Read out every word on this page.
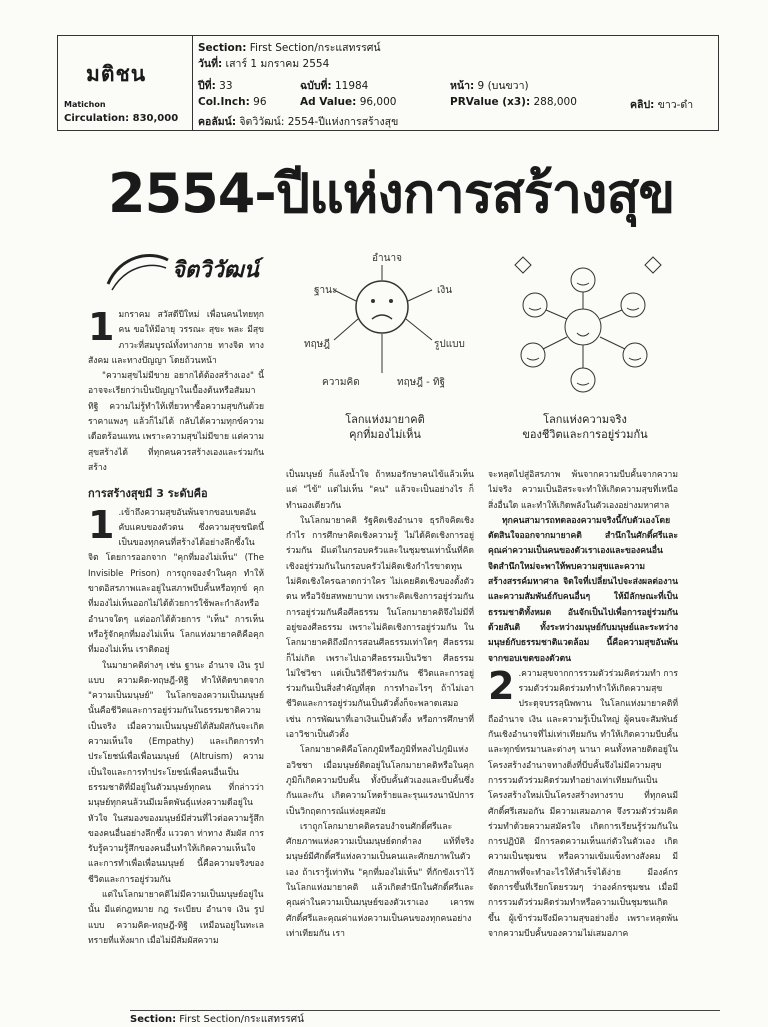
มติชน
Matichon
Circulation: 830,000
Section: First Section/กระแสทรรศน์
วันที่: เสาร์ 1 มกราคม 2554
ปีที่: 33	ฉบับที่: 11984	หน้า: 9 (บนขวา)
Col.Inch: 96	Ad Value: 96,000	PRValue (x3): 288,000	คลิป: ขาว-ดำ
คอลัมน์: จิตวิวัฒน์: 2554-ปีแห่งการสร้างสุข
2554-ปีแห่งการสร้างสุข
จิตวิวัฒน์	อำนาจ
ฐานะ	เงิน
ทฤษฎี	รูปแบบ
ความคิด	ทฤษฎี - ทิฐิ
โลกแห่งมายาคติ
คุกที่มองไม่เห็น
โลกแห่งความจริง
ของชีวิตและการอยู่ร่วมกัน

1 มกราคม สวัสดีปีใหม่ เพื่อนคนไทยทุกคน ขอให้มีอายุ วรรณะ สุขะ พละ มีสุขภาวะที่สมบูรณ์ทั้งทางกาย ทางจิต ทางสังคม และทางปัญญา โดยถ้วนหน้า

"ความสุขไม่มีขาย อยากได้ต้องสร้างเอง" นี้อาจจะเรียกว่าเป็นปัญญาในเบื้องต้นหรือสัมมาทิฐิ ความไม่รู้ทำให้เที่ยวหาซื้อความสุขกันด้วยราคาแพงๆ แล้วก็ไม่ได้ กลับได้ความทุกข์ความเดือดร้อนแทน เพราะความสุขไม่มีขาย แต่ความสุขสร้างได้ ที่ทุกคนควรสร้างเองและร่วมกันสร้าง

การสร้างสุขมี 3 ระดับคือ

1 .เข้าถึงความสุขอันพ้นจากขอบเขตอันคับแคบของตัวตน ซึ่งความสุขชนิดนี้เป็นของทุกคนที่สร้างได้อย่างลึกซึ้งในจิต โดยการออกจาก "คุกที่มองไม่เห็น" (The Invisible Prison) การถูกจองจำในคุก ทำให้ขาดอิสรภาพและอยู่ในสภาพบีบคั้นหรือทุกข์ คุกที่มองไม่เห็นออกไม่ได้ด้วยการใช้พละกำลังหรืออำนาจใดๆ แต่ออกได้ด้วยการ "เห็น" การเห็นหรือรู้จักคุกที่มองไม่เห็น โลกแห่งมายาคติคือคุกที่มองไม่เห็น เราติดอยู่

ในมายาคติต่างๆ เช่น ฐานะ อำนาจ เงิน รูปแบบ ความคิด-ทฤษฎี-ทิฐิ ทำให้ติดขาดจาก "ความเป็นมนุษย์" ในโลกของความเป็นมนุษย์นั้นคือชีวิตและการอยู่ร่วมกันในธรรมชาติความเป็นจริง เมื่อความเป็นมนุษย์ได้สัมผัสกันจะเกิดความเห็นใจ (Empathy) และเกิดการทำประโยชน์เพื่อเพื่อนมนุษย์ (Altruism) ความเป็นใจและการทำประโยชน์เพื่อคนอื่นเป็นธรรมชาติที่มีอยู่ในตัวมนุษย์ทุกคน ที่กล่าวว่ามนุษย์ทุกคนล้วนมีเมล็ดพันธุ์แห่งความดีอยู่ในหัวใจ ในสมองของมนุษย์มีส่วนที่ไวต่อความรู้สึกของคนอื่นอย่างลึกซึ้ง แววตา ท่าทาง สัมผัส การรับรู้ความรู้สึกของคนอื่นทำให้เกิดความเห็นใจและการทำเพื่อเพื่อนมนุษย์ นี้คือความจริงของชีวิตและการอยู่ร่วมกัน

แต่ในโลกมายาคติไม่มีความเป็นมนุษย์อยู่ในนั้น มีแต่กฎหมาย กฎ ระเบียบ อำนาจ เงิน รูปแบบ ความคิด-ทฤษฎี-ทิฐิ เหมือนอยู่ในทะเลทรายที่แห้งผาก เมื่อไม่มีสัมผัสความ

เป็นมนุษย์ ก็แล้งน้ำใจ ถ้าหมอรักษาคนไข้แล้วเห็นแต่ "ไข้" แต่ไม่เห็น "คน" แล้วจะเป็นอย่างไร ก็ทำนองเดียวกัน

ในโลกมายาคติ รัฐคิดเชิงอำนาจ ธุรกิจคิดเชิงกำไร การศึกษาคิดเชิงความรู้ ไม่ได้คิดเชิงการอยู่ร่วมกัน มีแต่ในกรอบครัวและในชุมชนเท่านั้นที่คิดเชิงอยู่ร่วมกันในกรอบครัวไม่คิดเชิงกำไรขาดทุน ไม่คิดเชิงใครฉลาดกว่าใคร ไม่เคยคิดเชิงของตั้งตัวตน หรือวิจัยสหพยาบาท เพราะคิดเชิงการอยู่ร่วมกันการอยู่ร่วมกันคือศีลธรรม ในโลกมายาคติจึงไม่มีที่อยู่ของศีลธรรม เพราะไม่คิดเชิงการอยู่ร่วมกัน ในโลกมายาคติถึงมีการสอนศีลธรรมเท่าใดๆ ศีลธรรมก็ไม่เกิด เพราะไปเอาศีลธรรมเป็นวิชา ศีลธรรมไม่ใช่วิชา แต่เป็นวิถีชีวิตร่วมกัน ชีวิตและการอยู่ร่วมกันเป็นสิ่งสำคัญที่สุด การทำอะไรๆ ถ้าไม่เอาชีวิตและการอยู่ร่วมกันเป็นตัวตั้งก็จะพลาดเสมอ เช่น การพัฒนาที่เอาเงินเป็นตัวตั้ง หรือการศึกษาที่เอาวิชาเป็นตัวตั้ง

โลกมายาคติคือโลกภูมิหรือภูมิที่หลงไปภูมิแห่งอวิชชา เมื่อมนุษย์ติดอยู่ในโลกมายาคติหรือในคุกภูมิก็เกิดความบีบคั้น ทั้งบีบคั้นตัวเองและบีบคั้นซึ่งกันและกัน เกิดความโหดร้ายและรุนแรงนานัปการ เป็นวิกฤตการณ์แห่งยุคสมัย

เราถูกโลกมายาคติครอบงำจนศักดิ์ศรีและศักยภาพแห่งความเป็นมนุษย์ตกต่ำลง แท้ที่จริงมนุษย์มีศักดิ์ศรีแห่งความเป็นคนและศักยภาพในตัวเอง ถ้าเรารู้เท่าทัน "คุกที่มองไม่เห็น" ที่กักขังเราไว้ในโลกแห่งมายาคติ แล้วเกิดสำนึกในศักดิ์ศรีและคุณค่าในความเป็นมนุษย์ของตัวเราเอง เคารพศักดิ์ศรีและคุณค่าแห่งความเป็นคนของทุกคนอย่างเท่าเทียมกัน เรา

จะหลุดไปสู่อิสรภาพ พ้นจากความบีบคั้นจากความไม่จริง ความเป็นอิสระจะทำให้เกิดความสุขที่เหนือสิ่งอื่นใด และทำให้เกิดพลังในตัวเองอย่างมหาศาล

ทุกคนสามารถทดลองความจริงนี้กับตัวเองโดยตัดสินใจออกจากมายาคติ สำนึกในศักดิ์ศรีและคุณค่าความเป็นคนของตัวเราเองและของคนอื่น จิตสำนึกใหม่จะพาให้พบความสุขและความสร้างสรรค์มหาศาล จิตใจที่เปลี่ยนไปจะส่งผลต่องานและความสัมพันธ์กับคนอื่นๆ ให้มีลักษณะที่เป็นธรรมชาติทั้งหมด อันจักเป็นไปเพื่อการอยู่ร่วมกันด้วยสันติ ทั้งระหว่างมนุษย์กับมนุษย์และระหว่างมนุษย์กับธรรมชาติแวดล้อม นี้คือความสุขอันพ้นจากขอบเขตของตัวตน

2 .ความสุขจากการรวมตัวร่วมคิดร่วมทำ การรวมตัวร่วมคิดร่วมทำทำให้เกิดความสุขประดุจบรรลุนิพพาน ในโลกแห่งมายาคติที่ถืออำนาจ เงิน และความรู้เป็นใหญ่ ผู้คนจะสัมพันธ์กันเชิงอำนาจที่ไม่เท่าเทียมกัน ทำให้เกิดความบีบคั้นและทุกข์ทรมานละต่างๆ นานา คนทั้งหลายติดอยู่ในโครงสร้างอำนาจทางดิ่งที่บีบคั้นจึงไม่มีความสุข การรวมตัวร่วมคิดร่วมทำอย่างเท่าเทียมกันเป็นโครงสร้างใหม่เป็นโครงสร้างทางราบ ที่ทุกคนมีศักดิ์ศรีเสมอกัน มีความเสมอภาค จึงรวมตัวร่วมคิดร่วมทำด้วยความสมัครใจ เกิดการเรียนรู้ร่วมกันในการปฏิบัติ มีการลดความเห็นแก่ตัวในตัวเอง เกิดความเป็นชุมชน หรือความเข้มแข็งทางสังคม มีศักยภาพที่จะทำอะไรให้สำเร็จได้ง่าย มีองค์กรจัดการขึ้นที่เรียกโดยรวมๆ ว่าองค์กรชุมชน เมื่อมีการรวมตัวร่วมคิดร่วมทำหรือความเป็นชุมชนเกิดขึ้น ผู้เข้าร่วมจึงมีความสุขอย่างยิ่ง เพราะหลุดพ้นจากความบีบคั้นของความไม่เสมอภาค

Section: First Section/กระแสทรรศน์
